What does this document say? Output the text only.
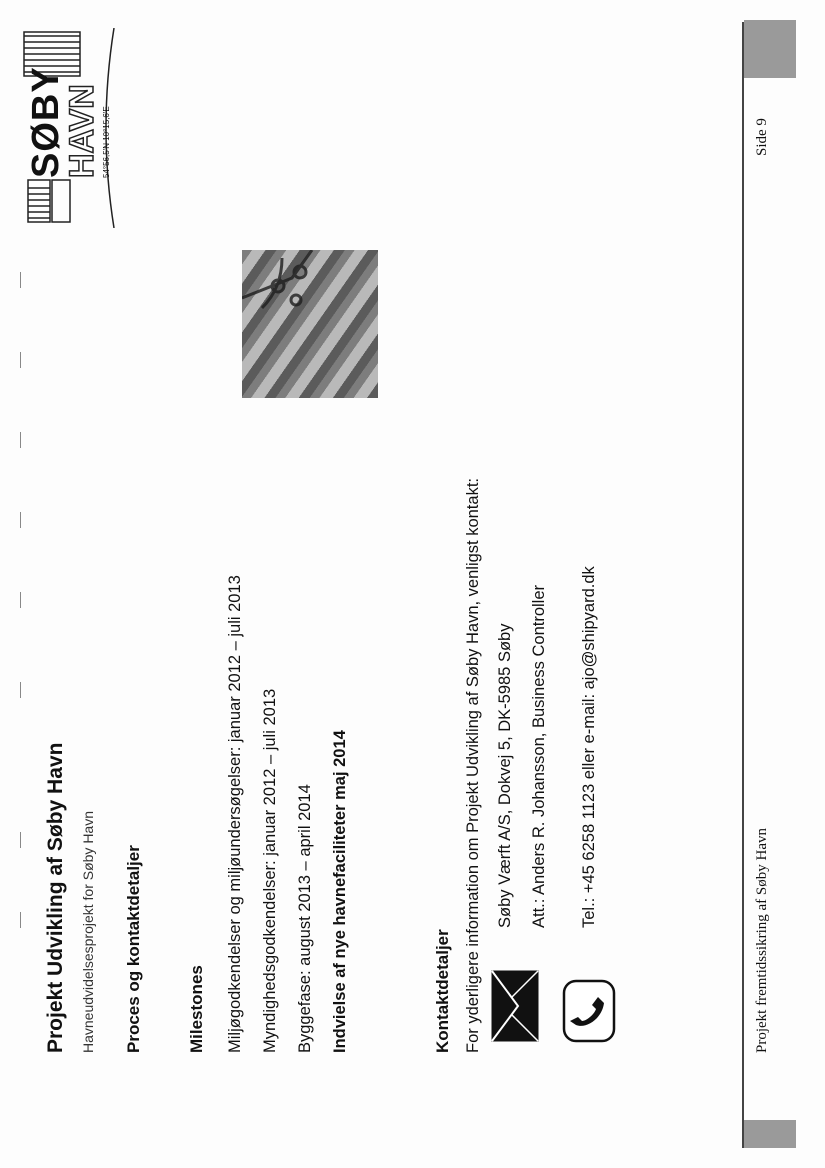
Projekt Udvikling af Søby Havn Havneudvidelsesprojekt for Søby Havn
SØBY
HAVN 54°56,5'N 10°15,6'E
Proces og kontaktdetaljer	Milestones Miljøgodkendelser og miljøundersøgelser: januar 2012 – juli 2013 Myndighedsgodkendelser: januar 2012 – juli 2013 Byggefase: august 2013 – april 2014 Indvielse af nye havnefaciliteter maj 2014	Kontaktdetaljer For yderligere information om Projekt Udvikling af Søby Havn, venligst kontakt: Søby Værft A/S, Dokvej 5, DK-5985 Søby Att.: Anders R. Johansson, Business Controller Tel.: +45 6258 1123 eller e-mail: ajo@shipyard.dk
Projekt fremtidssikring af Søby Havn
Side 9
